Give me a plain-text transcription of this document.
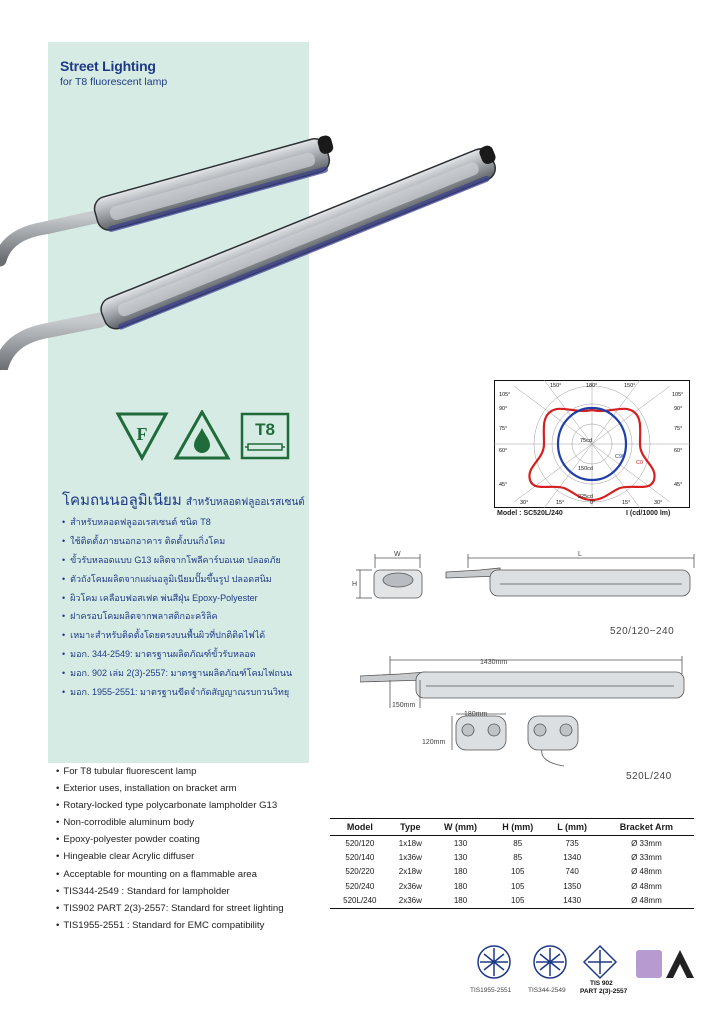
Street Lighting
for T8 fluorescent lamp
F	T8
โคมถนนอลูมิเนียม สำหรับหลอดฟลูออเรสเซนต์
• สำหรับหลอดฟลูออเรสเซนต์ ชนิด T8
• ใช้ติดตั้งภายนอกอาคาร ติดตั้งบนกิ่งโคม
• ขั้วรับหลอดแบบ G13 ผลิตจากโพลีคาร์บอเนต ปลอดภัย
• ตัวถังโคมผลิตจากแผ่นอลูมิเนียมปั๊มขึ้นรูป ปลอดสนิม
• ผิวโคม เคลือบฟอสเฟต พ่นสีฝุ่น Epoxy-Polyester
• ฝาครอบโคมผลิตจากพลาสติกอะคริลิค
• เหมาะสำหรับติดตั้งโดยตรงบนพื้นผิวที่ปกติติดไฟได้
• มอก. 344-2549: มาตรฐานผลิตภัณฑ์ขั้วรับหลอด
• มอก. 902 เล่ม 2(3)-2557: มาตรฐานผลิตภัณฑ์โคมไฟถนน
• มอก. 1955-2551: มาตรฐานขีดจำกัดสัญญาณรบกวนวิทยุ
• For T8 tubular fluorescent lamp
• Exterior uses, installation on bracket arm
• Rotary-locked type polycarbonate lampholder G13
• Non-corrodible aluminum body
• Epoxy-polyester powder coating
• Hingeable clear Acrylic diffuser
• Acceptable for mounting on a flammable area
• TIS344-2549 : Standard for lampholder
• TIS902 PART 2(3)-2557: Standard for street lighting
• TIS1955-2551 : Standard for EMC compatibility
150°	180°	150°
105°
90°
75°
60°
45°
105°
90°
75°
60°
45°
30°	15°	0°	15°	30°
75cd
150cd
225cd
C0
C90
Model : SC520L/240	I (cd/1000 lm)
W
H
L
520/120−240
1430mm
150mm
180mm
120mm
520L/240
Model	Type	W (mm)	H (mm)	L (mm)	Bracket Arm
520/120	1x18w	130	85	735	Ø 33mm
520/140	1x36w	130	85	1340	Ø 33mm
520/220	2x18w	180	105	740	Ø 48mm
520/240	2x36w	180	105	1350	Ø 48mm
520L/240	2x36w	180	105	1430	Ø 48mm
TIS1955-2551	TIS344-2549
TIS 902
PART 2(3)-2557
